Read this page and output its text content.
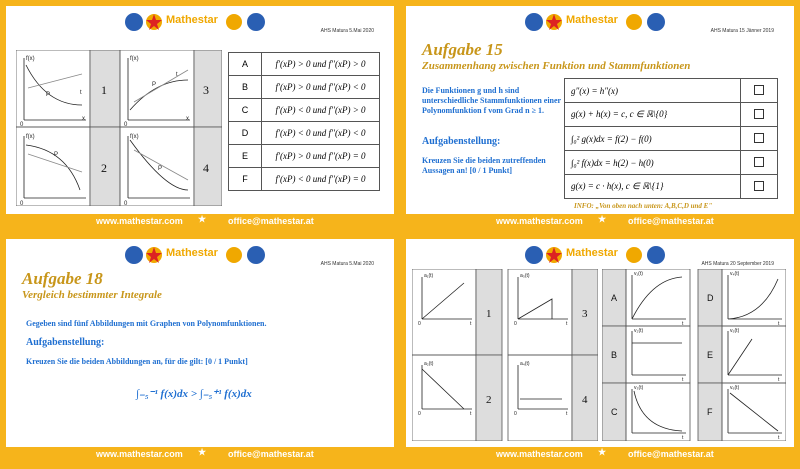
Mathestar
AHS Matura 5.Mai 2020
f(x)	f(x)
f(x)	f(x)
P
P
P
P
t
t
x	x
0	0
0	0
1	3
2	4
A	f′(xP) > 0 und f′′(xP) > 0
B	f′(xP) > 0 und f′′(xP) < 0
C	f′(xP) < 0 und f′′(xP) > 0
D	f′(xP) < 0 und f′′(xP) < 0
E	f′(xP) > 0 und f′′(xP) = 0
F	f′(xP) < 0 und f′′(xP) = 0
www.mathestar.com ★ office@mathestar.at
Mathestar
AHS Matura 15 Jänner 2019
Aufgabe 15
Zusammenhang zwischen Funktion und Stammfunktionen
Die Funktionen g und h sind unterschiedliche Stammfunktionen einer Polynomfunktion f vom Grad n ≥ 1.
Aufgabenstellung:
Kreuzen Sie die beiden zutreffenden Aussagen an! [0 / 1 Punkt]
g″(x) = h″(x)	
g(x) + h(x) = c, c ∈ ℝ\{0}	
∫₀² g(x)dx = f(2) − f(0)	
∫₀² f(x)dx = h(2) − h(0)	
g(x) = c · h(x), c ∈ ℝ\{1}	
INFO: „Von oben nach unten: A,B,C,D und E"
www.mathestar.com ★ office@mathestar.at
Mathestar
AHS Matura 5.Mai 2020
Aufgabe 18
Vergleich bestimmter Integrale
Gegeben sind fünf Abbildungen mit Graphen von Polynomfunktionen.
Aufgabenstellung:
Kreuzen Sie die beiden Abbildungen an, für die gilt: [0 / 1 Punkt]
∫₋₅⁻¹ f(x)dx > ∫₋₅⁺¹ f(x)dx
www.mathestar.com ★ office@mathestar.at
Mathestar
AHS Matura 20 September 2019
a₁(t)	a₃(t)
a₂(t)	a₄(t)
t	t
t	t
0	0
0	0
1	3
2	4
v₁(t)	v₄(t)
v₂(t)	v₅(t)
v₃(t)	v₆(t)
t	t
t	t
t	t
A	D
B	E
C	F
www.mathestar.com ★ office@mathestar.at
